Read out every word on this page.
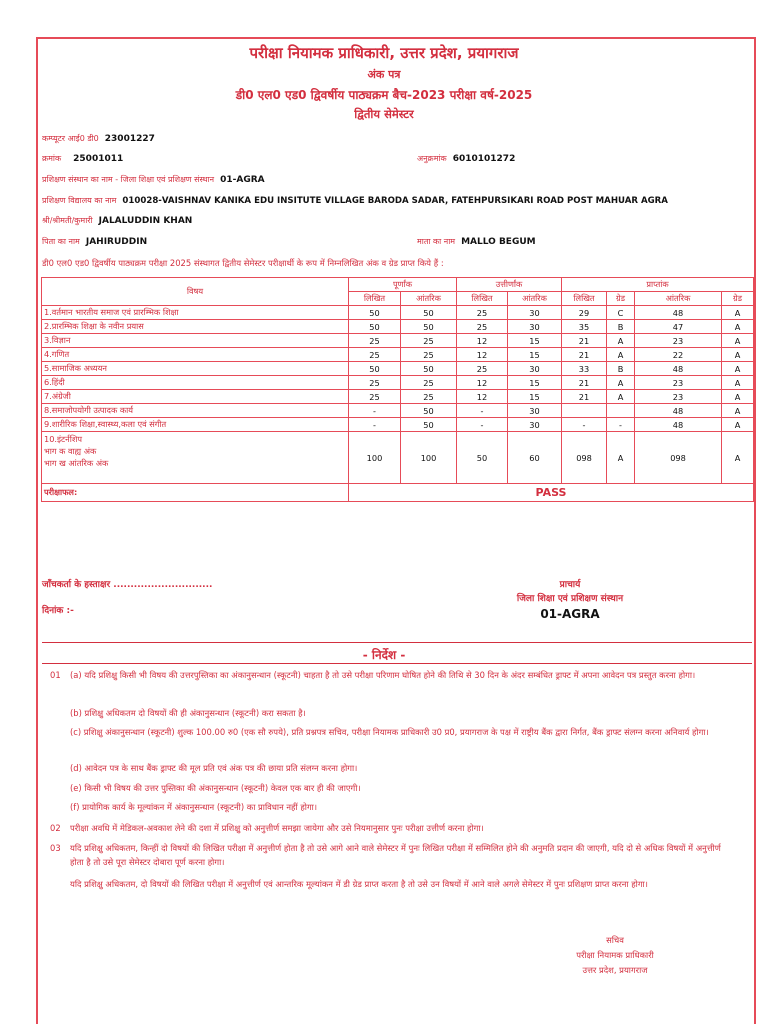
परीक्षा नियामक प्राधिकारी, उत्तर प्रदेश, प्रयागराज
अंक पत्र
डी0 एल0 एड0 द्विवर्षीय पाठ्यक्रम बैच-2023 परीक्षा वर्ष-2025
द्वितीय सेमेस्टर
कम्प्यूटर आई0 डी0 23001227
क्रमांक 25001011	अनुक्रमांक 6010101272
प्रशिक्षण संस्थान का नाम - जिला शिक्षा एवं प्रशिक्षण संस्थान 01-AGRA
प्रशिक्षण विद्यालय का नाम 010028-VAISHNAV KANIKA EDU INSITUTE VILLAGE BARODA SADAR, FATEHPURSIKARI ROAD POST MAHUAR AGRA
श्री/श्रीमती/कुमारी JALALUDDIN KHAN
पिता का नाम JAHIRUDDIN	माता का नाम MALLO BEGUM
डी0 एल0 एड0 द्विवर्षीय पाठ्यक्रम परीक्षा 2025 संस्थागत द्वितीय सेमेस्टर परीक्षार्थी के रूप में निम्नलिखित अंक व ग्रेड प्राप्त किये हैं :
विषय	पूर्णांक		उत्तीर्णांक		प्राप्तांक			
	लिखित	आंतरिक	लिखित	आंतरिक	लिखित	ग्रेड	आंतरिक	ग्रेड
1.वर्तमान भारतीय समाज एवं प्रारम्भिक शिक्षा	50	50	25	30	29	C	48	A
2.प्रारम्भिक शिक्षा के नवीन प्रयास	50	50	25	30	35	B	47	A
3.विज्ञान	25	25	12	15	21	A	23	A
4.गणित	25	25	12	15	21	A	22	A
5.सामाजिक अध्ययन	50	50	25	30	33	B	48	A
6.हिंदी	25	25	12	15	21	A	23	A
7.अंग्रेजी	25	25	12	15	21	A	23	A
8.समाजोपयोगी उत्पादक कार्य	-	50	-	30			48	A
9.शारीरिक शिक्षा,स्वास्थ्य,कला एवं संगीत	-	50	-	30	-	-	48	A

10.इंटर्नशिप
भाग क वाह्य अंक
भाग ख आंतरिक अंक	100	100	50	60	098	A	098	A
परीक्षाफल:	PASS							
जाँचकर्ता के हस्ताक्षर .............................
दिनांक :-
प्राचार्य
जिला शिक्षा एवं प्रशिक्षण संस्थान
01-AGRA
- निर्देश -
01 (a) यदि प्रशिक्षु किसी भी विषय की उत्तरपुस्तिका का अंकानुसन्धान (स्कूटनी) चाहता है तो उसे परीक्षा परिणाम घोषित होने की तिथि से 30 दिन के अंदर सम्बंधित ड्राफ्ट में अपना आवेदन पत्र प्रस्तुत करना होगा।
(b) प्रशिक्षु अधिकतम दो विषयों की ही अंकानुसन्धान (स्कूटनी) करा सकता है।
(c) प्रशिक्षु अंकानुसन्धान (स्कूटनी) शुल्क 100.00 रु0 (एक सौ रुपये), प्रति प्रश्नपत्र सचिव, परीक्षा नियामक प्राधिकारी उ0 प्र0, प्रयागराज के पक्ष में राष्ट्रीय बैंक द्वारा निर्गत, बैंक ड्राफ्ट संलग्न करना अनिवार्य होगा।
(d) आवेदन पत्र के साथ बैंक ड्राफ्ट की मूल प्रति एवं अंक पत्र की छाया प्रति संलग्न करना होगा।
(e) किसी भी विषय की उत्तर पुस्तिका की अंकानुसन्धान (स्कूटनी) केवल एक बार ही की जाएगी।
(f) प्रायोगिक कार्य के मूल्यांकन में अंकानुसन्धान (स्कूटनी) का प्राविधान नहीं होगा।
02 परीक्षा अवधि में मेडिकल-अवकाश लेने की दशा में प्रशिक्षु को अनुत्तीर्ण समझा जायेगा और उसे नियमानुसार पुनः परीक्षा उत्तीर्ण करना होगा।
03 यदि प्रशिक्षु अधिकतम, किन्हीं दो विषयों की लिखित परीक्षा में अनुत्तीर्ण होता है तो उसे आगे आने वाले सेमेस्टर में पुनः लिखित परीक्षा में सम्मिलित होने की अनुमति प्रदान की जाएगी, यदि दो से अधिक विषयों में अनुत्तीर्ण होता है तो उसे पूरा सेमेस्टर दोबारा पूर्ण करना होगा।
यदि प्रशिक्षु अधिकतम, दो विषयों की लिखित परीक्षा में अनुत्तीर्ण एवं आन्तरिक मूल्यांकन में डी ग्रेड प्राप्त करता है तो उसे उन विषयों में आने वाले अगले सेमेस्टर में पुनः प्रशिक्षण प्राप्त करना होगा।
सचिव
परीक्षा नियामक प्राधिकारी
उत्तर प्रदेश, प्रयागराज
